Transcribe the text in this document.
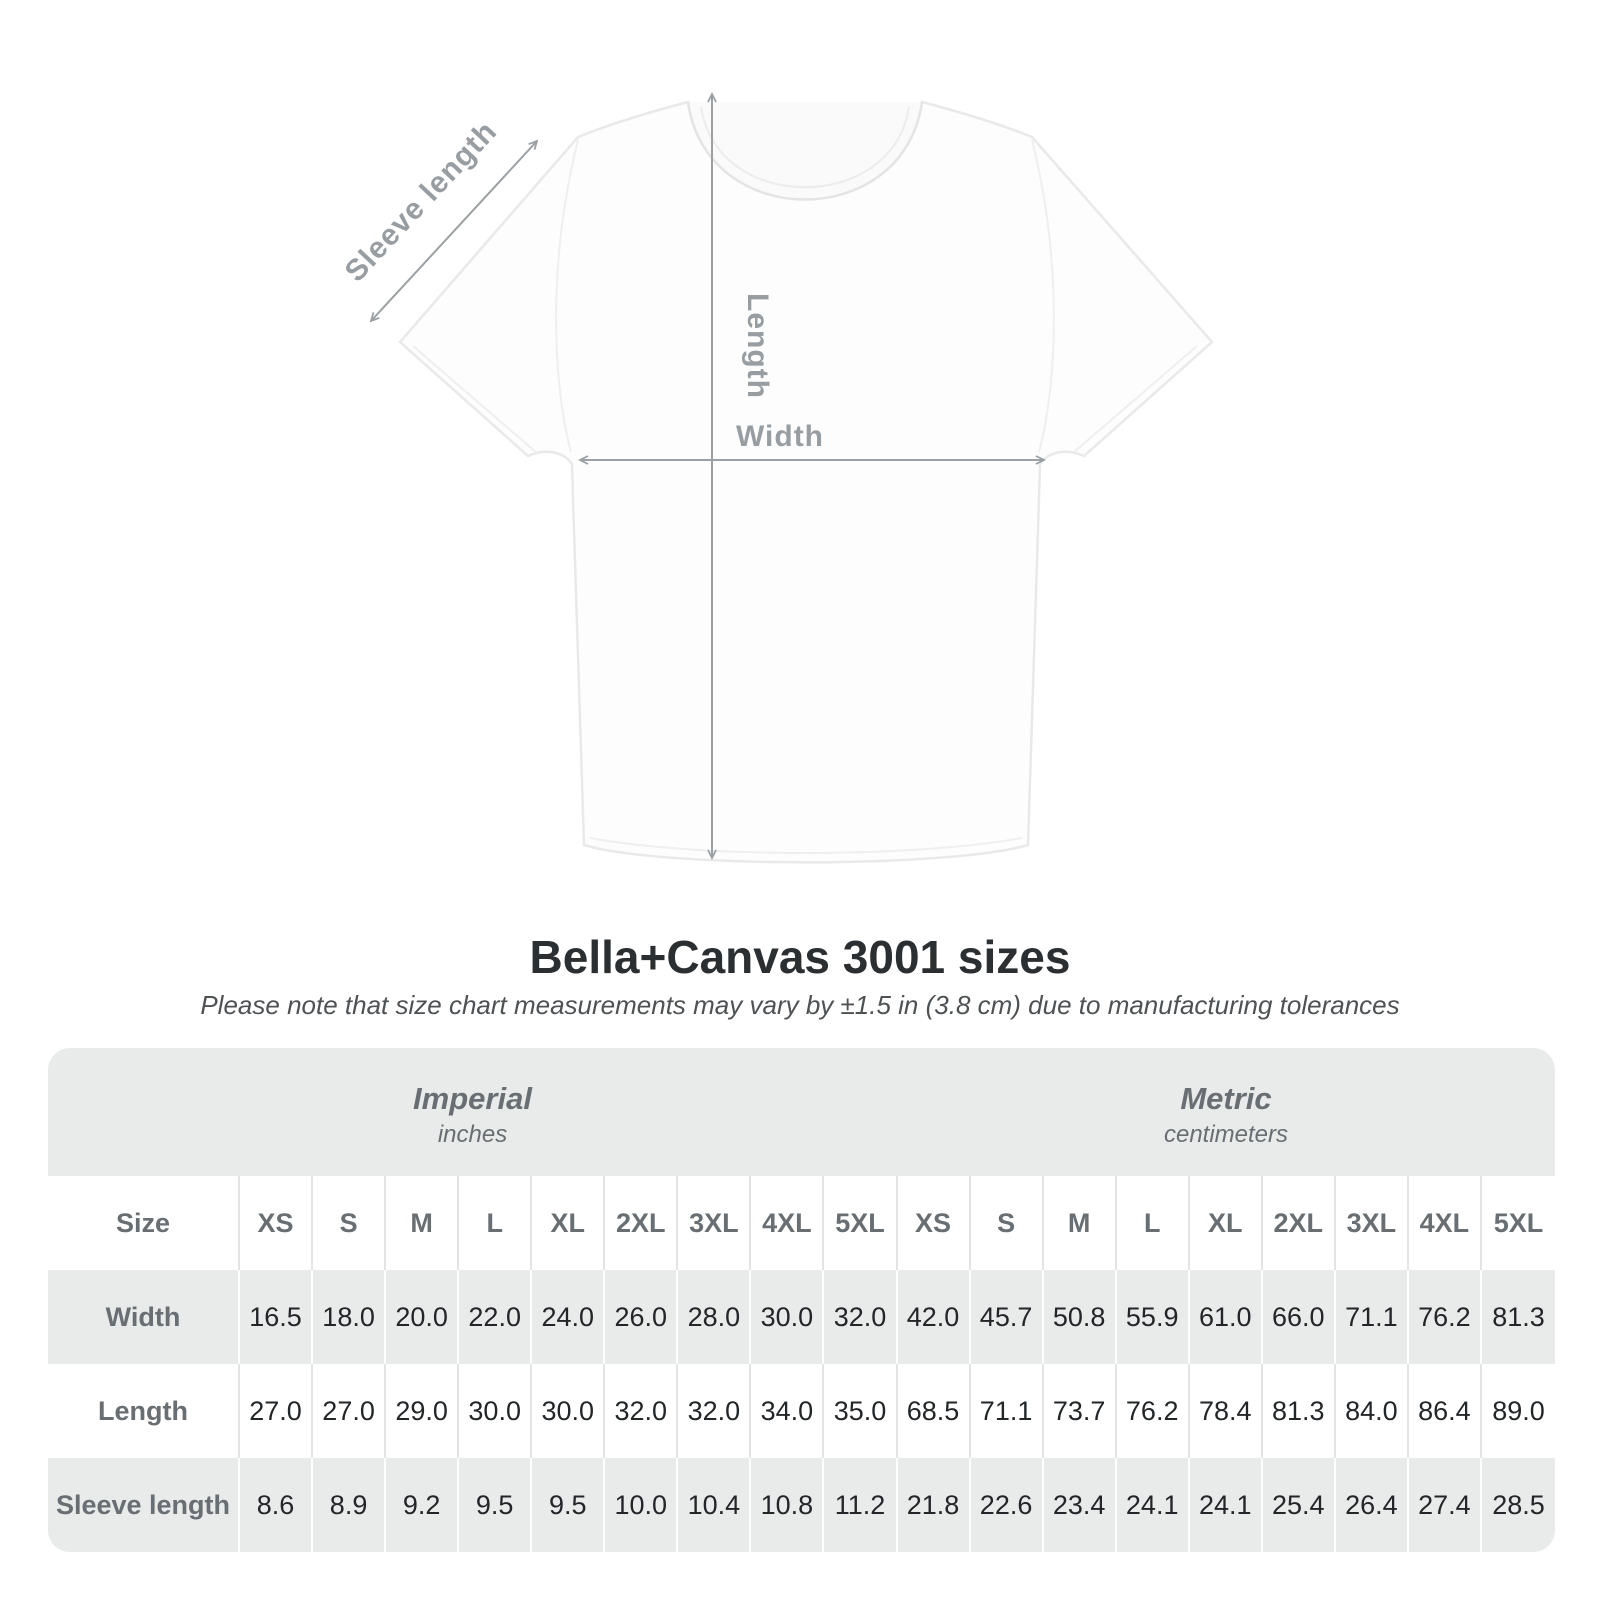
Sleeve length
Length
Width
Bella+Canvas 3001 sizes
Please note that size chart measurements may vary by ±1.5 in (3.8 cm) due to manufacturing tolerances
Imperial
inches
Metric
centimeters
Size	XS	S	M	L	XL	2XL 3XL 4XL 5XL	XS	S	M	L	XL	2XL 3XL 4XL 5XL
Width	16.5 18.0 20.0 22.0 24.0 26.0 28.0 30.0 32.0 42.0 45.7 50.8 55.9 61.0 66.0 71.1 76.2 81.3
Length	27.0 27.0 29.0 30.0 30.0 32.0 32.0 34.0 35.0 68.5 71.1 73.7 76.2 78.4 81.3 84.0 86.4 89.0
Sleeve length 8.6	8.9	9.2	9.5	9.5	10.0 10.4 10.8 11.2 21.8 22.6 23.4 24.1 24.1 25.4 26.4 27.4 28.5
